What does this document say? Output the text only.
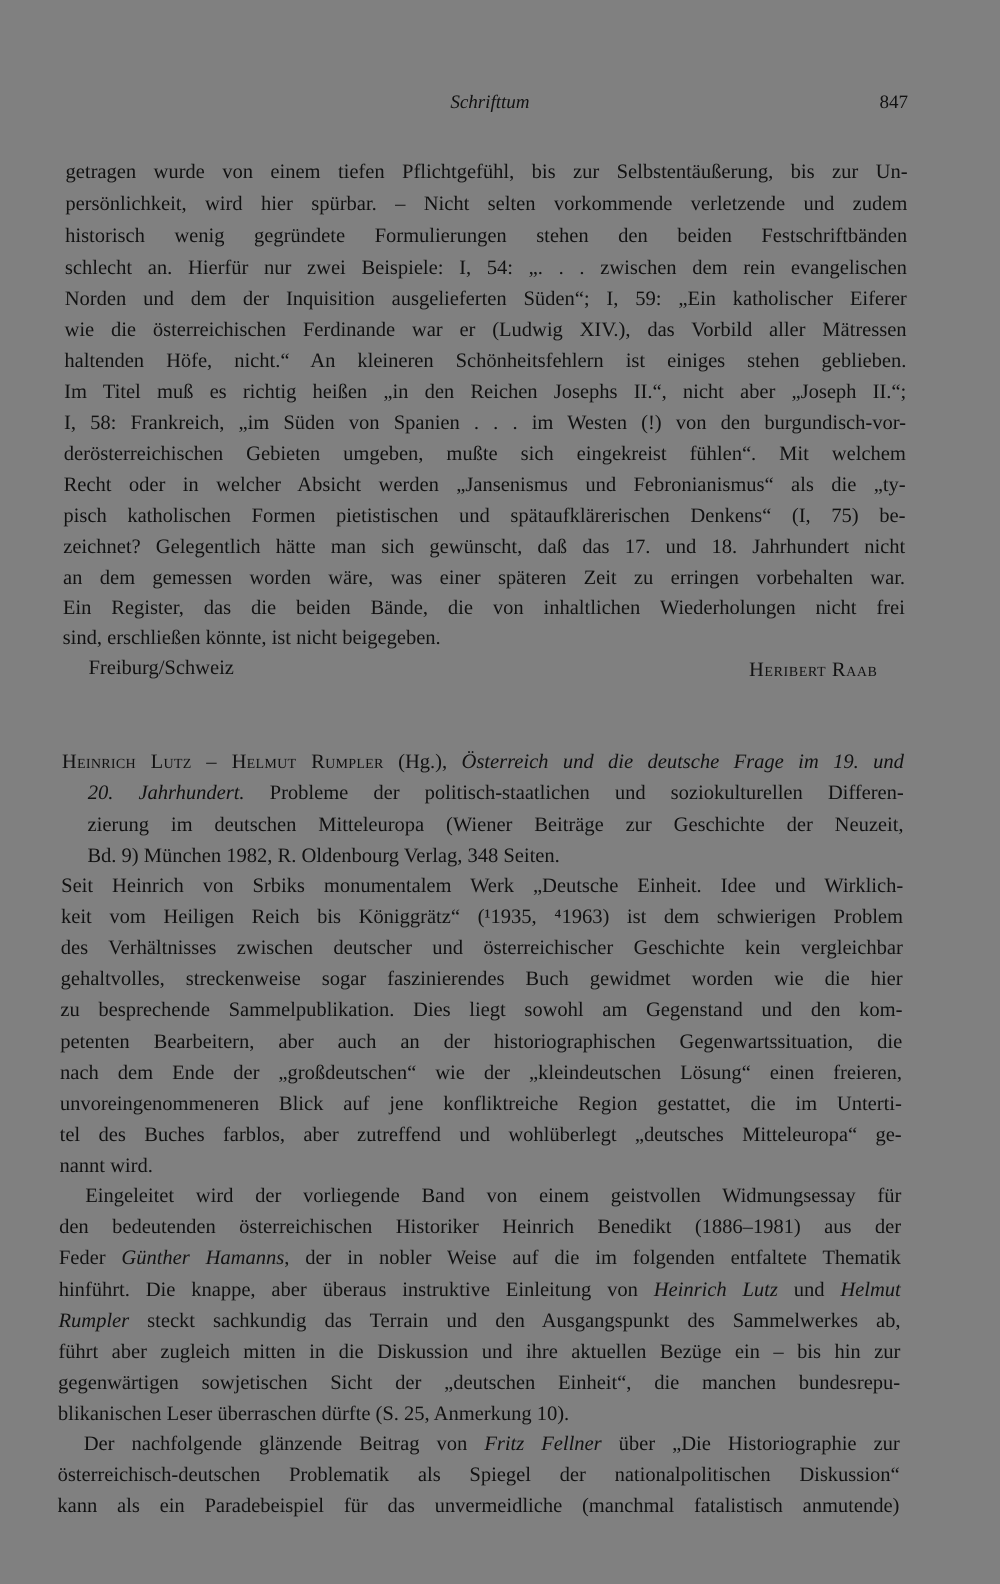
Schrifttum	847
getragen wurde von einem tiefen Pflichtgefühl, bis zur Selbstentäußerung, bis zur Un-
persönlichkeit, wird hier spürbar. – Nicht selten vorkommende verletzende und zudem
historisch wenig gegründete Formulierungen stehen den beiden Festschriftbänden
schlecht an. Hierfür nur zwei Beispiele: I, 54: „. . . zwischen dem rein evangelischen
Norden und dem der Inquisition ausgelieferten Süden“; I, 59: „Ein katholischer Eiferer
wie die österreichischen Ferdinande war er (Ludwig XIV.), das Vorbild aller Mätressen
haltenden Höfe, nicht.“ An kleineren Schönheitsfehlern ist einiges stehen geblieben.
Im Titel muß es richtig heißen „in den Reichen Josephs II.“, nicht aber „Joseph II.“;
I, 58: Frankreich, „im Süden von Spanien . . . im Westen (!) von den burgundisch-vor-
derösterreichischen Gebieten umgeben, mußte sich eingekreist fühlen“. Mit welchem
Recht oder in welcher Absicht werden „Jansenismus und Febronianismus“ als die „ty-
pisch katholischen Formen pietistischen und spätaufklärerischen Denkens“ (I, 75) be-
zeichnet? Gelegentlich hätte man sich gewünscht, daß das 17. und 18. Jahrhundert nicht
an dem gemessen worden wäre, was einer späteren Zeit zu erringen vorbehalten war.
Ein Register, das die beiden Bände, die von inhaltlichen Wiederholungen nicht frei
sind, erschließen könnte, ist nicht beigegeben.
Freiburg/Schweiz	Heribert Raab
Heinrich Lutz – Helmut Rumpler (Hg.), Österreich und die deutsche Frage im 19. und
20. Jahrhundert. Probleme der politisch-staatlichen und soziokulturellen Differen-
zierung im deutschen Mitteleuropa (Wiener Beiträge zur Geschichte der Neuzeit,
Bd. 9) München 1982, R. Oldenbourg Verlag, 348 Seiten.
Seit Heinrich von Srbiks monumentalem Werk „Deutsche Einheit. Idee und Wirklich-
keit vom Heiligen Reich bis Königgrätz“ (¹1935, ⁴1963) ist dem schwierigen Problem
des Verhältnisses zwischen deutscher und österreichischer Geschichte kein vergleichbar
gehaltvolles, streckenweise sogar faszinierendes Buch gewidmet worden wie die hier
zu besprechende Sammelpublikation. Dies liegt sowohl am Gegenstand und den kom-
petenten Bearbeitern, aber auch an der historiographischen Gegenwartssituation, die
nach dem Ende der „großdeutschen“ wie der „kleindeutschen Lösung“ einen freieren,
unvoreingenommeneren Blick auf jene konfliktreiche Region gestattet, die im Unterti-
tel des Buches farblos, aber zutreffend und wohlüberlegt „deutsches Mitteleuropa“ ge-
nannt wird.
Eingeleitet wird der vorliegende Band von einem geistvollen Widmungsessay für
den bedeutenden österreichischen Historiker Heinrich Benedikt (1886–1981) aus der
Feder Günther Hamanns, der in nobler Weise auf die im folgenden entfaltete Thematik
hinführt. Die knappe, aber überaus instruktive Einleitung von Heinrich Lutz und Helmut
Rumpler steckt sachkundig das Terrain und den Ausgangspunkt des Sammelwerkes ab,
führt aber zugleich mitten in die Diskussion und ihre aktuellen Bezüge ein – bis hin zur
gegenwärtigen sowjetischen Sicht der „deutschen Einheit“, die manchen bundesrepu-
blikanischen Leser überraschen dürfte (S. 25, Anmerkung 10).
Der nachfolgende glänzende Beitrag von Fritz Fellner über „Die Historiographie zur
österreichisch-deutschen Problematik als Spiegel der nationalpolitischen Diskussion“
kann als ein Paradebeispiel für das unvermeidliche (manchmal fatalistisch anmutende)
